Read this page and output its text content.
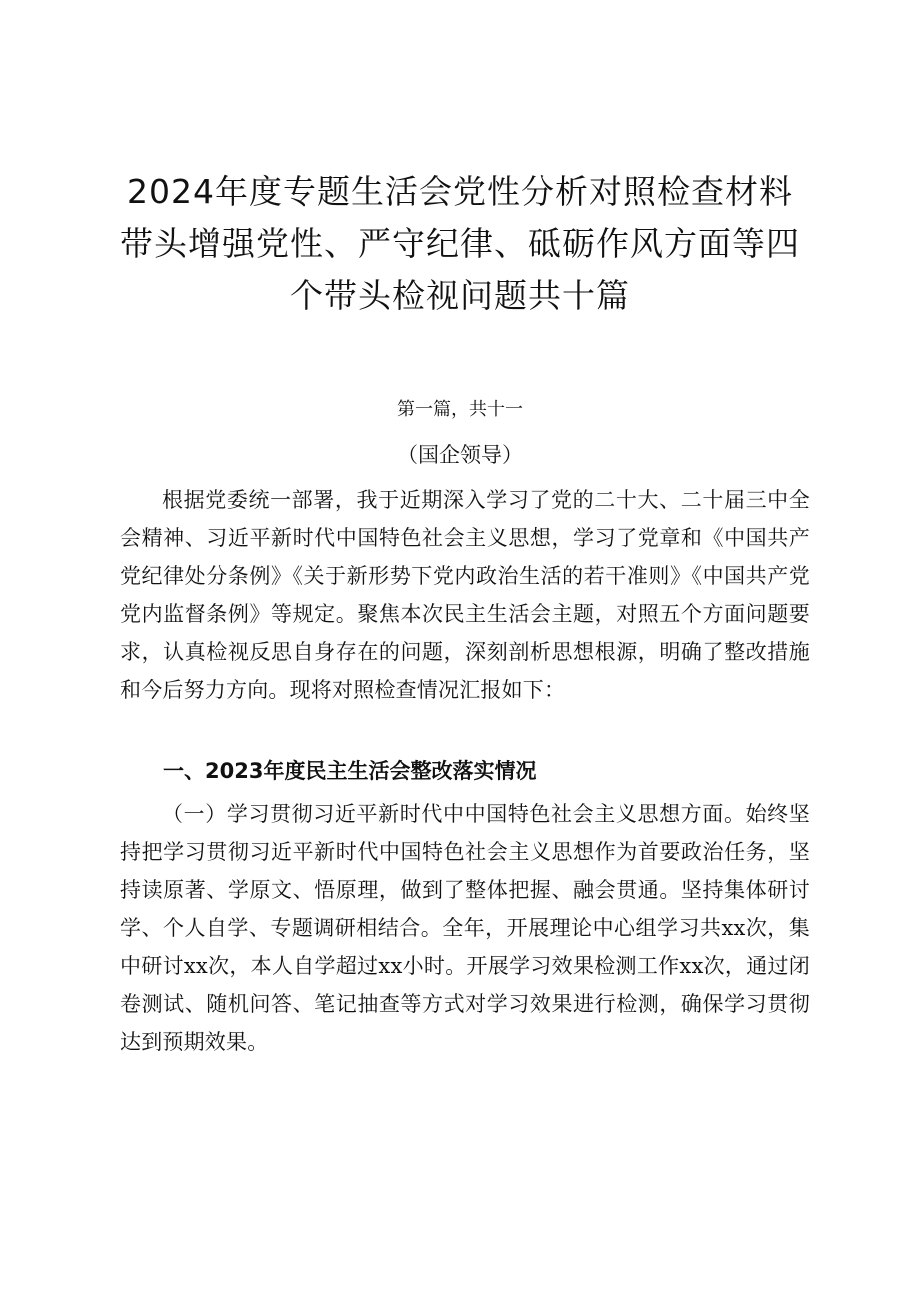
2024年度专题生活会党性分析对照检查材料
带头增强党性、严守纪律、砥砺作风方面等四
个带头检视问题共十篇
第一篇，共十一
（国企领导）

根据党委统一部署，我于近期深入学习了党的二十大、二十届三中全会精神、习近平新时代中国特色社会主义思想，学习了党章和《中国共产党纪律处分条例》《关于新形势下党内政治生活的若干准则》《中国共产党党内监督条例》等规定。聚焦本次民主生活会主题，对照五个方面问题要求，认真检视反思自身存在的问题，深刻剖析思想根源，明确了整改措施和今后努力方向。现将对照检查情况汇报如下：

一、2023年度民主生活会整改落实情况

（一）学习贯彻习近平新时代中中国特色社会主义思想方面。始终坚持把学习贯彻习近平新时代中国特色社会主义思想作为首要政治任务，坚持读原著、学原文、悟原理，做到了整体把握、融会贯通。坚持集体研讨学、个人自学、专题调研相结合。全年，开展理论中心组学习共xx次，集中研讨xx次，本人自学超过xx小时。开展学习效果检测工作xx次，通过闭卷测试、随机问答、笔记抽查等方式对学习效果进行检测，确保学习贯彻达到预期效果。
